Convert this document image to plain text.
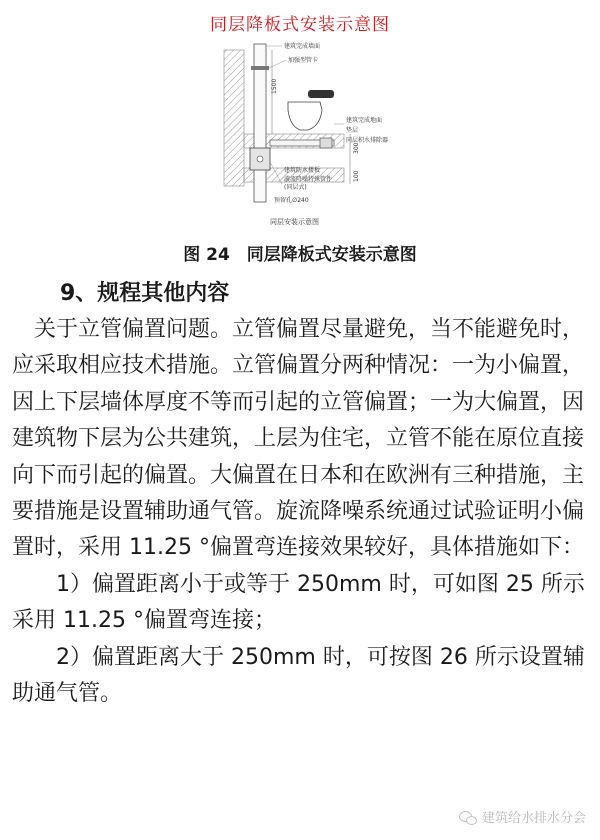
同层降板式安装示意图
建筑完成墙面
加强型管卡
1500
建筑完成地面
垫层
同层积水排除器
300
建筑防水楼板
漩流降噪特殊管件
(同层式)
100
预留孔∅240
同层安装示意图
图 24　同层降板式安装示意图
9、规程其他内容

关于立管偏置问题。立管偏置尽量避免，当不能避免时，应采取相应技术措施。立管偏置分两种情况：一为小偏置，因上下层墙体厚度不等而引起的立管偏置；一为大偏置，因建筑物下层为公共建筑，上层为住宅，立管不能在原位直接向下而引起的偏置。大偏置在日本和在欧洲有三种措施，主要措施是设置辅助通气管。旋流降噪系统通过试验证明小偏置时，采用 11.25 °偏置弯连接效果较好，具体措施如下：

1）偏置距离小于或等于 250mm 时，可如图 25 所示采用 11.25 °偏置弯连接；

2）偏置距离大于 250mm 时，可按图 26 所示设置辅助通气管。

建筑给水排水分会
